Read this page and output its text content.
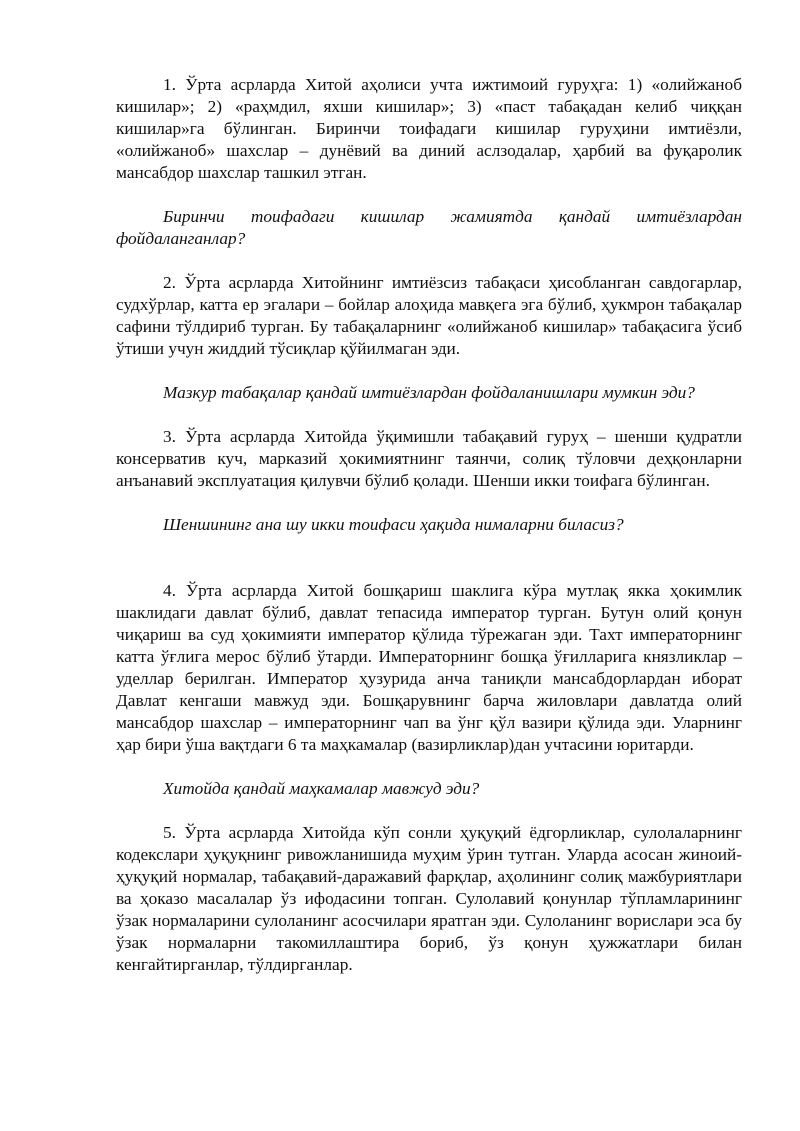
1. Ўрта асрларда Хитой аҳолиси учта ижтимоий гуруҳга: 1) «олийжаноб кишилар»; 2) «раҳмдил, яхши кишилар»; 3) «паст табақадан келиб чиққан кишилар»га бўлинган. Биринчи тоифадаги кишилар гуруҳини имтиёзли, «олийжаноб» шахслар – дунёвий ва диний аслзодалар, ҳарбий ва фуқаролик мансабдор шахслар ташкил этган.

Биринчи тоифадаги кишилар жамиятда қандай имтиёзлардан фойдаланганлар?

2. Ўрта асрларда Хитойнинг имтиёзсиз табақаси ҳисобланган савдогарлар, судхўрлар, катта ер эгалари – бойлар алоҳида мавқега эга бўлиб, ҳукмрон табақалар сафини тўлдириб турган. Бу табақаларнинг «олийжаноб кишилар» табақасига ўсиб ўтиши учун жиддий тўсиқлар қўйилмаган эди.

Мазкур табақалар қандай имтиёзлардан фойдаланишлари мумкин эди?

3. Ўрта асрларда Хитойда ўқимишли табақавий гуруҳ – шенши қудратли консерватив куч, марказий ҳокимиятнинг таянчи, солиқ тўловчи деҳқонларни анъанавий эксплуатация қилувчи бўлиб қолади. Шенши икки тоифага бўлинган.

Шеншининг ана шу икки тоифаси ҳақида нималарни биласиз?

4. Ўрта асрларда Хитой бошқариш шаклига кўра мутлақ якка ҳокимлик шаклидаги давлат бўлиб, давлат тепасида император турган. Бутун олий қонун чиқариш ва суд ҳокимияти император қўлида тўрежаган эди. Тахт императорнинг катта ўғлига мерос бўлиб ўтарди. Императорнинг бошқа ўғилларига князликлар – уделлар берилган. Император ҳузурида анча таниқли мансабдорлардан иборат Давлат кенгаши мавжуд эди. Бошқарувнинг барча жиловлари давлатда олий мансабдор шахслар – императорнинг чап ва ўнг қўл вазири қўлида эди. Уларнинг ҳар бири ўша вақтдаги 6 та маҳкамалар (вазирликлар)дан учтасини юритарди.

Хитойда қандай маҳкамалар мавжуд эди?

5. Ўрта асрларда Хитойда кўп сонли ҳуқуқий ёдгорликлар, сулолаларнинг кодекслари ҳуқуқнинг ривожланишида муҳим ўрин тутган. Уларда асосан жиноий-ҳуқуқий нормалар, табақавий-даражавий фарқлар, аҳолининг солиқ мажбуриятлари ва ҳоказо масалалар ўз ифодасини топган. Сулолавий қонунлар тўпламларининг ўзак нормаларини сулоланинг асосчилари яратган эди. Сулоланинг ворислари эса бу ўзак нормаларни такомиллаштира бориб, ўз қонун ҳужжатлари билан кенгайтирганлар, тўлдирганлар.
